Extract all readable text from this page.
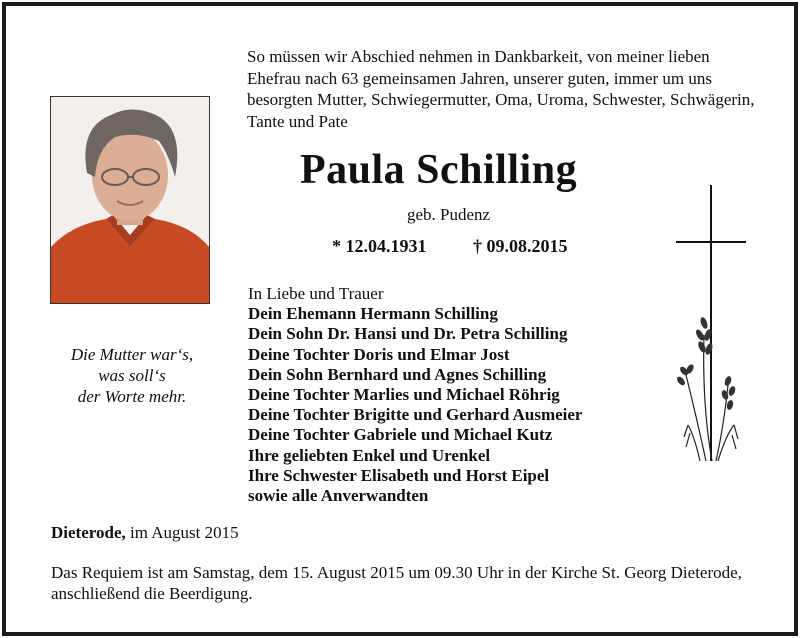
So müssen wir Abschied nehmen in Dankbarkeit, von meiner lieben Ehefrau nach 63 gemeinsamen Jahren, unserer guten, immer um uns besorgten Mutter, Schwiegermutter, Oma, Uroma, Schwester, Schwägerin, Tante und Pate
Paula Schilling
geb. Pudenz
* 12.04.1931	† 09.08.2015
Die Mutter war‘s,
was soll‘s
der Worte mehr.
In Liebe und Trauer
Dein Ehemann Hermann Schilling
Dein Sohn Dr. Hansi und Dr. Petra Schilling
Deine Tochter Doris und Elmar Jost
Dein Sohn Bernhard und Agnes Schilling
Deine Tochter Marlies und Michael Röhrig
Deine Tochter Brigitte und Gerhard Ausmeier
Deine Tochter Gabriele und Michael Kutz
Ihre geliebten Enkel und Urenkel
Ihre Schwester Elisabeth und Horst Eipel
sowie alle Anverwandten
Dieterode, im August 2015
Das Requiem ist am Samstag, dem 15. August 2015 um 09.30 Uhr in der Kirche St. Georg Dieterode, anschließend die Beerdigung.
